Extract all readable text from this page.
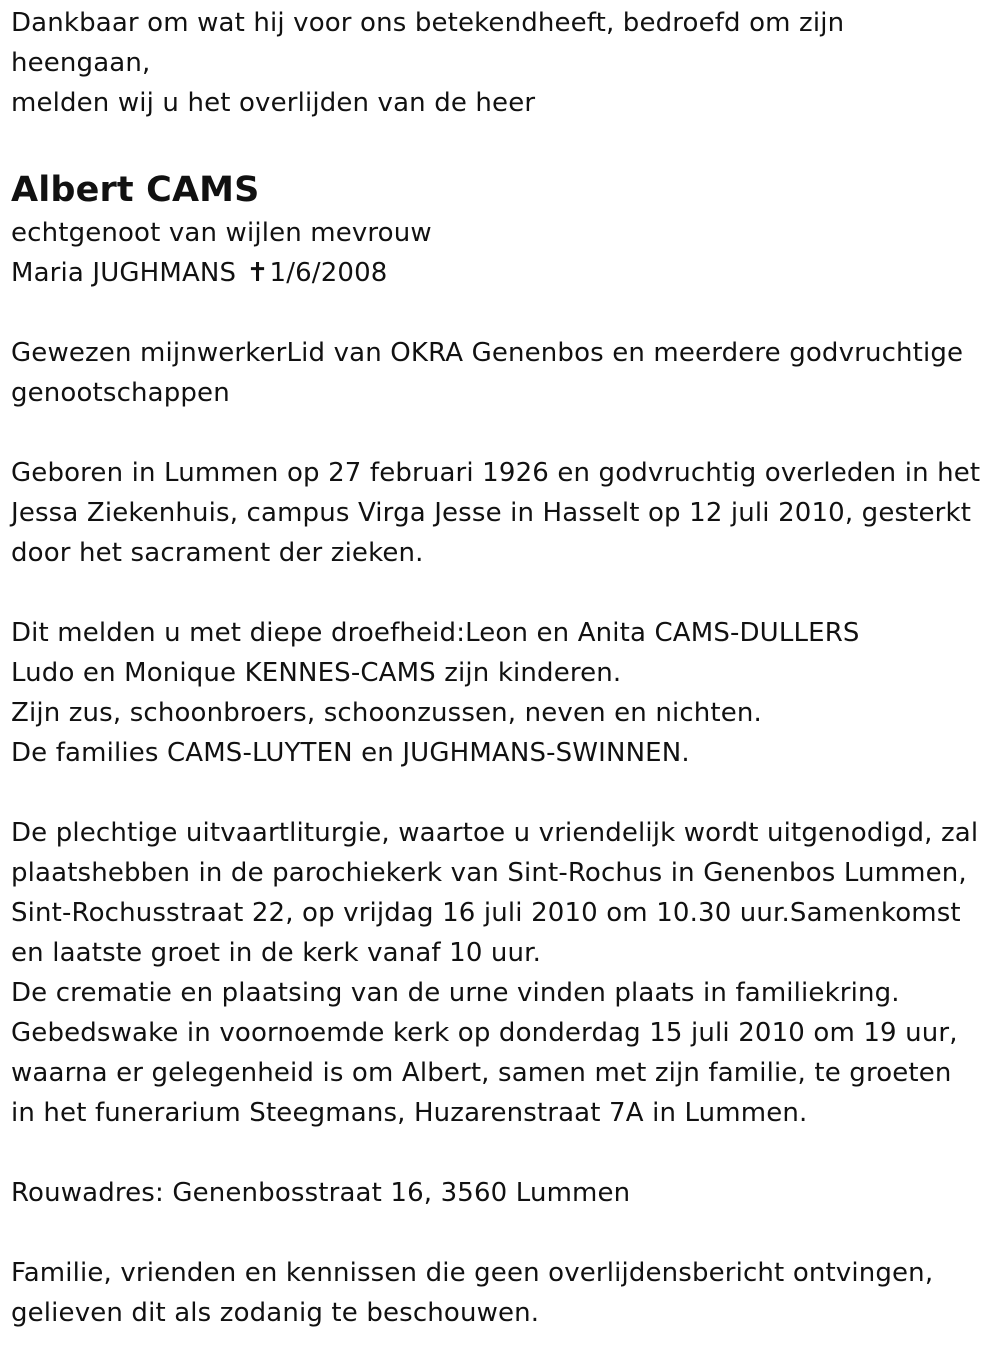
Dankbaar om wat hij voor ons betekendheeft, bedroefd om zijn
heengaan,
melden wij u het overlijden van de heer
Albert CAMS
echtgenoot van wijlen mevrouw
Maria JUGHMANS ✝1/6/2008
Gewezen mijnwerkerLid van OKRA Genenbos en meerdere godvruchtige
genootschappen
Geboren in Lummen op 27 februari 1926 en godvruchtig overleden in het
Jessa Ziekenhuis, campus Virga Jesse in Hasselt op 12 juli 2010, gesterkt
door het sacrament der zieken.
Dit melden u met diepe droefheid:Leon en Anita CAMS-DULLERS
Ludo en Monique KENNES-CAMS zijn kinderen.
Zijn zus, schoonbroers, schoonzussen, neven en nichten.
De families CAMS-LUYTEN en JUGHMANS-SWINNEN.
De plechtige uitvaartliturgie, waartoe u vriendelijk wordt uitgenodigd, zal
plaatshebben in de parochiekerk van Sint-Rochus in Genenbos Lummen,
Sint-Rochusstraat 22, op vrijdag 16 juli 2010 om 10.30 uur.Samenkomst
en laatste groet in de kerk vanaf 10 uur.
De crematie en plaatsing van de urne vinden plaats in familiekring.
Gebedswake in voornoemde kerk op donderdag 15 juli 2010 om 19 uur,
waarna er gelegenheid is om Albert, samen met zijn familie, te groeten
in het funerarium Steegmans, Huzarenstraat 7A in Lummen.
Rouwadres: Genenbosstraat 16, 3560 Lummen
Familie, vrienden en kennissen die geen overlijdensbericht ontvingen,
gelieven dit als zodanig te beschouwen.
